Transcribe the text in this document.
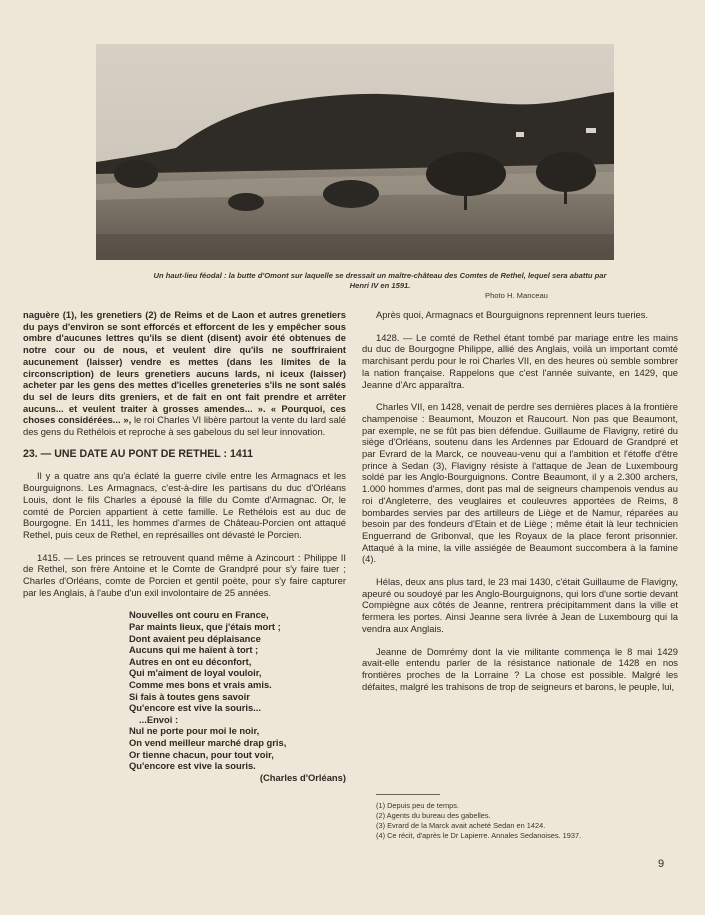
Un haut-lieu féodal : la butte d'Omont sur laquelle se dressait un maître-château des Comtes de Rethel, lequel sera abattu par Henri IV en 1591.
Photo H. Manceau

naguère (1), les grenetiers (2) de Reims et de Laon et autres grenetiers du pays d'environ se sont efforcés et efforcent de les y empêcher sous ombre d'aucunes lettres qu'ils se dient (disent) avoir été obtenues de notre cour ou de nous, et veulent dire qu'ils ne souffriraient aucunement (laisser) vendre es mettes (dans les limites de la circonscription) de leurs grenetiers aucuns lards, ni iceux (laisser) acheter par les gens des mettes d'icelles greneteries s'ils ne sont salés du sel de leurs dits greniers, et de fait en ont fait prendre et arrêter aucuns... et veulent traiter à grosses amendes... ». « Pourquoi, ces choses considérées... », le roi Charles VI libère partout la vente du lard salé des gens du Rethélois et reproche à ses gabelous du sel leur innovation.

23. — UNE DATE AU PONT DE RETHEL : 1411

Il y a quatre ans qu'a éclaté la guerre civile entre les Armagnacs et les Bourguignons. Les Armagnacs, c'est-à-dire les partisans du duc d'Orléans Louis, dont le fils Charles a épousé la fille du Comte d'Armagnac. Or, le comté de Porcien appartient à cette famille. Le Rethélois est au duc de Bourgogne. En 1411, les hommes d'armes de Château-Porcien ont attaqué Rethel, puis ceux de Rethel, en représailles ont dévasté le Porcien.

1415. — Les princes se retrouvent quand même à Azincourt : Philippe II de Rethel, son frère Antoine et le Comte de Grandpré pour s'y faire tuer ; Charles d'Orléans, comte de Porcien et gentil poète, pour s'y faire capturer par les Anglais, à l'aube d'un exil involontaire de 25 années.

Nouvelles ont couru en France,
Par maints lieux, que j'étais mort ;
Dont avaient peu déplaisance
Aucuns qui me haïent à tort ;
Autres en ont eu déconfort,
Qui m'aiment de loyal vouloir,
Comme mes bons et vrais amis.
Si fais à toutes gens savoir
Qu'encore est vive la souris...
...Envoi :
Nul ne porte pour moi le noir,
On vend meilleur marché drap gris,
Or tienne chacun, pour tout voir,
Qu'encore est vive la souris.
(Charles d'Orléans)

Après quoi, Armagnacs et Bourguignons reprennent leurs tueries.

1428. — Le comté de Rethel étant tombé par mariage entre les mains du duc de Bourgogne Philippe, allié des Anglais, voilà un important comté marchisant perdu pour le roi Charles VII, en des heures où semble sombrer la nation française. Rappelons que c'est l'année suivante, en 1429, que Jeanne d'Arc apparaîtra.

Charles VII, en 1428, venait de perdre ses dernières places à la frontière champenoise : Beaumont, Mouzon et Raucourt. Non pas que Beaumont, par exemple, ne se fût pas bien défendue. Guillaume de Flavigny, retiré du siège d'Orléans, soutenu dans les Ardennes par Edouard de Grandpré et par Evrard de la Marck, ce nouveau-venu qui a l'ambition et l'étoffe d'être prince à Sedan (3), Flavigny résiste à l'attaque de Jean de Luxembourg soldé par les Anglo-Bourguignons. Contre Beaumont, il y a 2.300 archers, 1.000 hommes d'armes, dont pas mal de seigneurs champenois vendus au roi d'Angleterre, des veuglaires et couleuvres apportées de Reims, 8 bombardes servies par des artilleurs de Liège et de Namur, réparées au besoin par des fondeurs d'Etain et de Liège ; même était là leur technicien Enguerrand de Gribonval, que les Royaux de la place feront prisonnier. Attaqué à la mine, la ville assiégée de Beaumont succombera à la famine (4).

Hélas, deux ans plus tard, le 23 mai 1430, c'était Guillaume de Flavigny, apeuré ou soudoyé par les Anglo-Bourguignons, qui lors d'une sortie devant Compiègne aux côtés de Jeanne, rentrera précipitamment dans la ville et fermera les portes. Ainsi Jeanne sera livrée à Jean de Luxembourg qui la vendra aux Anglais.

Jeanne de Domrémy dont la vie militante commença le 8 mai 1429 avait-elle entendu parler de la résistance nationale de 1428 en nos frontières proches de la Lorraine ? La chose est possible. Malgré les défaites, malgré les trahisons de trop de seigneurs et barons, le peuple, lui,

(1) Depuis peu de temps.
(2) Agents du bureau des gabelles.
(3) Evrard de la Marck avait acheté Sedan en 1424.
(4) Ce récit, d'après le Dr Lapierre. Annales Sedanoises. 1937.
9
